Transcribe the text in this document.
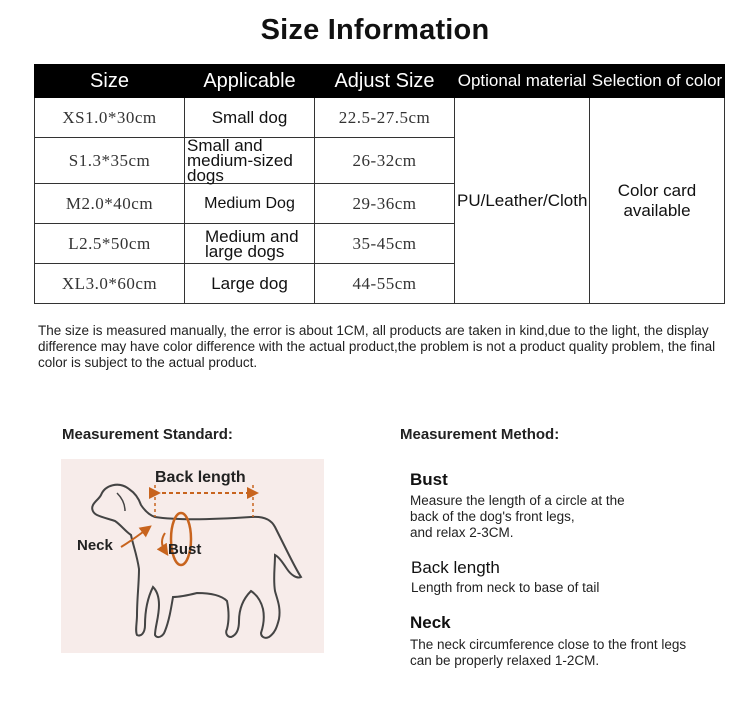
Size Information
Size	Applicable	Adjust Size	Optional material	Selection of color
XS1.0*30cm	Small dog	22.5-27.5cm	PU/Leather/Cloth	Color card available
S1.3*35cm	Small and medium-sized dogs	26-32cm		
M2.0*40cm	Medium Dog	29-36cm		
L2.5*50cm	Medium and large dogs	35-45cm		
XL3.0*60cm	Large dog	44-55cm		
The size is measured manually, the error is about 1CM, all products are taken in kind,due to the light, the display difference may have color difference with the actual product,the problem is not a product quality problem, the final color is subject to the actual product.
Measurement Standard:	Measurement Method:
Back length
Neck	Bust
Bust
Measure the length of a circle at the
back of the dog's front legs,
and relax 2-3CM.
Back length
Length from neck to base of tail
Neck
The neck circumference close to the front legs
can be properly relaxed 1-2CM.
